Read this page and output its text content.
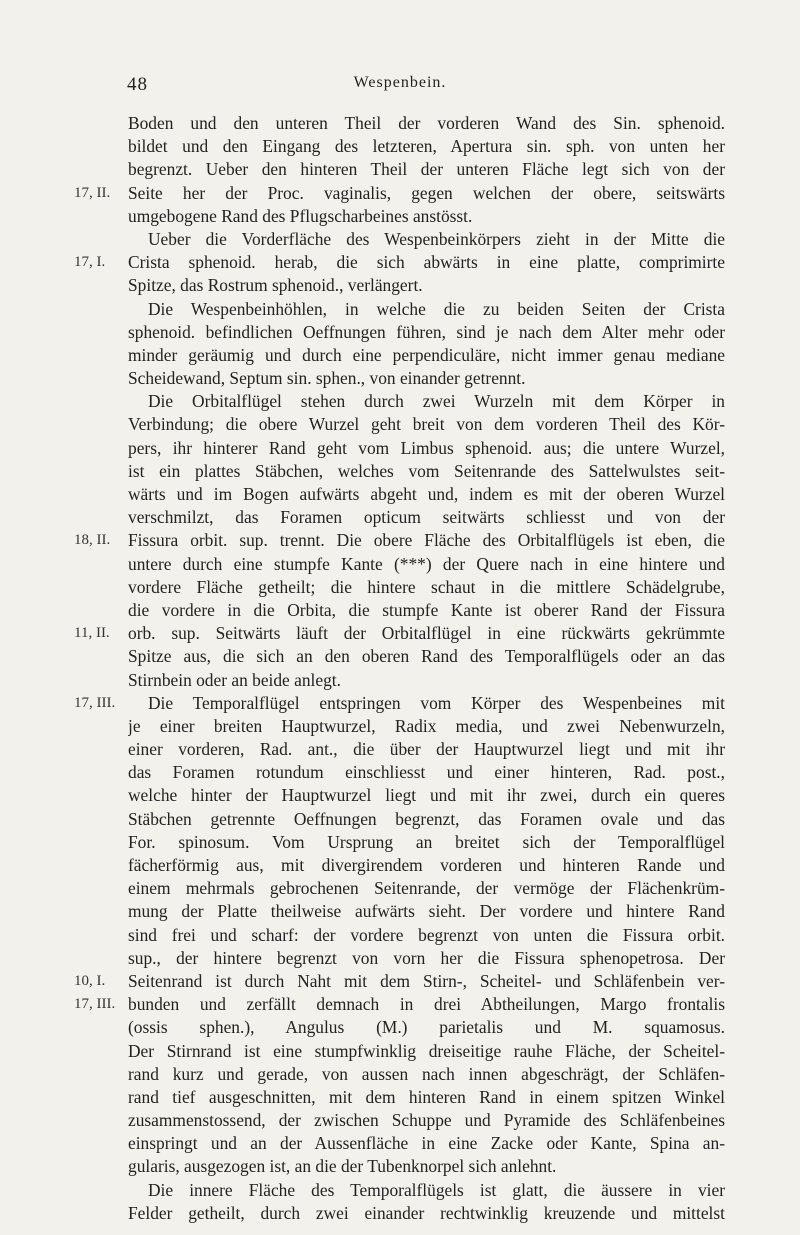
48	Wespenbein.
Boden und den unteren Theil der vorderen Wand des Sin. sphenoid.
bildet und den Eingang des letzteren, Apertura sin. sph. von unten her
begrenzt. Ueber den hinteren Theil der unteren Fläche legt sich von der
17, II.	Seite her der Proc. vaginalis, gegen welchen der obere, seitswärts
umgebogene Rand des Pflugscharbeines anstösst.
Ueber die Vorderfläche des Wespenbeinkörpers zieht in der Mitte die
17, I.	Crista sphenoid. herab, die sich abwärts in eine platte, comprimirte
Spitze, das Rostrum sphenoid., verlängert.
Die Wespenbeinhöhlen, in welche die zu beiden Seiten der Crista
sphenoid. befindlichen Oeffnungen führen, sind je nach dem Alter mehr oder
minder geräumig und durch eine perpendiculäre, nicht immer genau mediane
Scheidewand, Septum sin. sphen., von einander getrennt.
Die Orbitalflügel stehen durch zwei Wurzeln mit dem Körper in
Verbindung; die obere Wurzel geht breit von dem vorderen Theil des Kör-
pers, ihr hinterer Rand geht vom Limbus sphenoid. aus; die untere Wurzel,
ist ein plattes Stäbchen, welches vom Seitenrande des Sattelwulstes seit-
wärts und im Bogen aufwärts abgeht und, indem es mit der oberen Wurzel
verschmilzt, das Foramen opticum seitwärts schliesst und von der
18, II.	Fissura orbit. sup. trennt. Die obere Fläche des Orbitalflügels ist eben, die
untere durch eine stumpfe Kante (***) der Quere nach in eine hintere und
vordere Fläche getheilt; die hintere schaut in die mittlere Schädelgrube,
die vordere in die Orbita, die stumpfe Kante ist oberer Rand der Fissura
11, II.	orb. sup. Seitwärts läuft der Orbitalflügel in eine rückwärts gekrümmte
Spitze aus, die sich an den oberen Rand des Temporalflügels oder an das
Stirnbein oder an beide anlegt.
17, III.	Die Temporalflügel entspringen vom Körper des Wespenbeines mit
je einer breiten Hauptwurzel, Radix media, und zwei Nebenwurzeln,
einer vorderen, Rad. ant., die über der Hauptwurzel liegt und mit ihr
das Foramen rotundum einschliesst und einer hinteren, Rad. post.,
welche hinter der Hauptwurzel liegt und mit ihr zwei, durch ein queres
Stäbchen getrennte Oeffnungen begrenzt, das Foramen ovale und das
For. spinosum. Vom Ursprung an breitet sich der Temporalflügel
fächerförmig aus, mit divergirendem vorderen und hinteren Rande und
einem mehrmals gebrochenen Seitenrande, der vermöge der Flächenkrüm-
mung der Platte theilweise aufwärts sieht. Der vordere und hintere Rand
sind frei und scharf: der vordere begrenzt von unten die Fissura orbit.
sup., der hintere begrenzt von vorn her die Fissura sphenopetrosa. Der
10, I.	Seitenrand ist durch Naht mit dem Stirn-, Scheitel- und Schläfenbein ver-
17, III. bunden und zerfällt demnach in drei Abtheilungen, Margo frontalis
(ossis sphen.), Angulus (M.) parietalis und M. squamosus.
Der Stirnrand ist eine stumpfwinklig dreiseitige rauhe Fläche, der Scheitel-
rand kurz und gerade, von aussen nach innen abgeschrägt, der Schläfen-
rand tief ausgeschnitten, mit dem hinteren Rand in einem spitzen Winkel
zusammenstossend, der zwischen Schuppe und Pyramide des Schläfenbeines
einspringt und an der Aussenfläche in eine Zacke oder Kante, Spina an-
gularis, ausgezogen ist, an die der Tubenknorpel sich anlehnt.
Die innere Fläche des Temporalflügels ist glatt, die äussere in vier
Felder getheilt, durch zwei einander rechtwinklig kreuzende und mittelst
